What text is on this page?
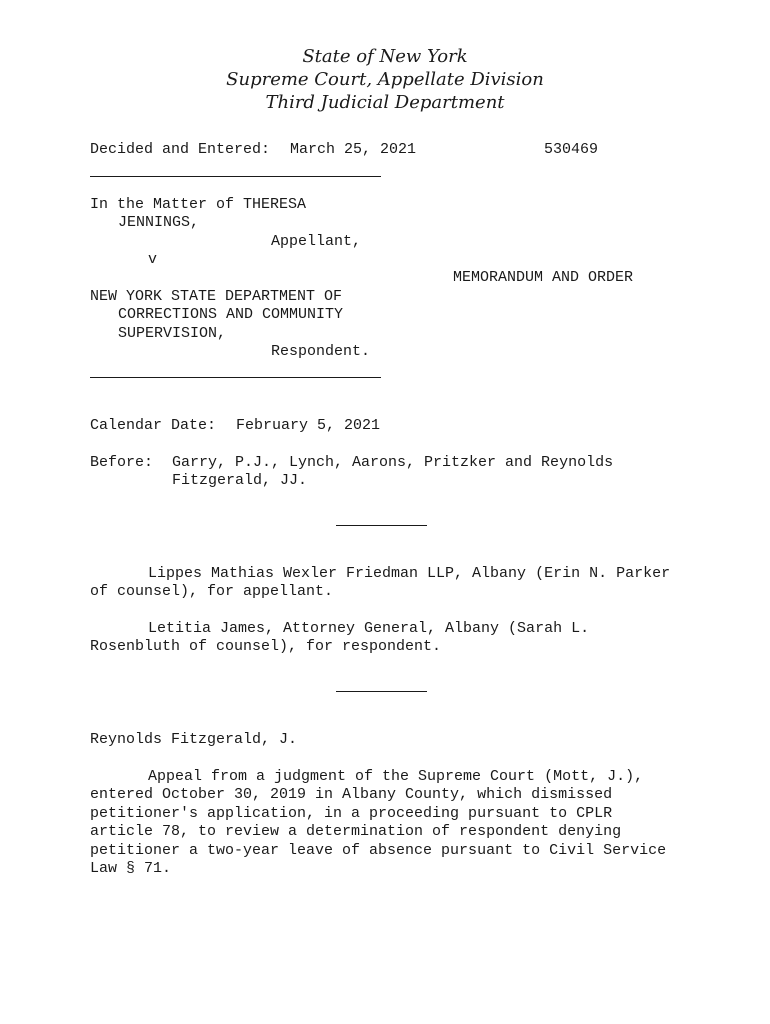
State of New York
Supreme Court, Appellate Division
Third Judicial Department
Decided and Entered: March 25, 2021	530469
In the Matter of THERESA
JENNINGS,
Appellant,
v
MEMORANDUM AND ORDER
NEW YORK STATE DEPARTMENT OF
CORRECTIONS AND COMMUNITY
SUPERVISION,
Respondent.
Calendar Date: February 5, 2021
Before: Garry, P.J., Lynch, Aarons, Pritzker and Reynolds
Fitzgerald, JJ.
Lippes Mathias Wexler Friedman LLP, Albany (Erin N. Parker
of counsel), for appellant.
Letitia James, Attorney General, Albany (Sarah L.
Rosenbluth of counsel), for respondent.
Reynolds Fitzgerald, J.
Appeal from a judgment of the Supreme Court (Mott, J.),
entered October 30, 2019 in Albany County, which dismissed
petitioner's application, in a proceeding pursuant to CPLR
article 78, to review a determination of respondent denying
petitioner a two-year leave of absence pursuant to Civil Service
Law § 71.
